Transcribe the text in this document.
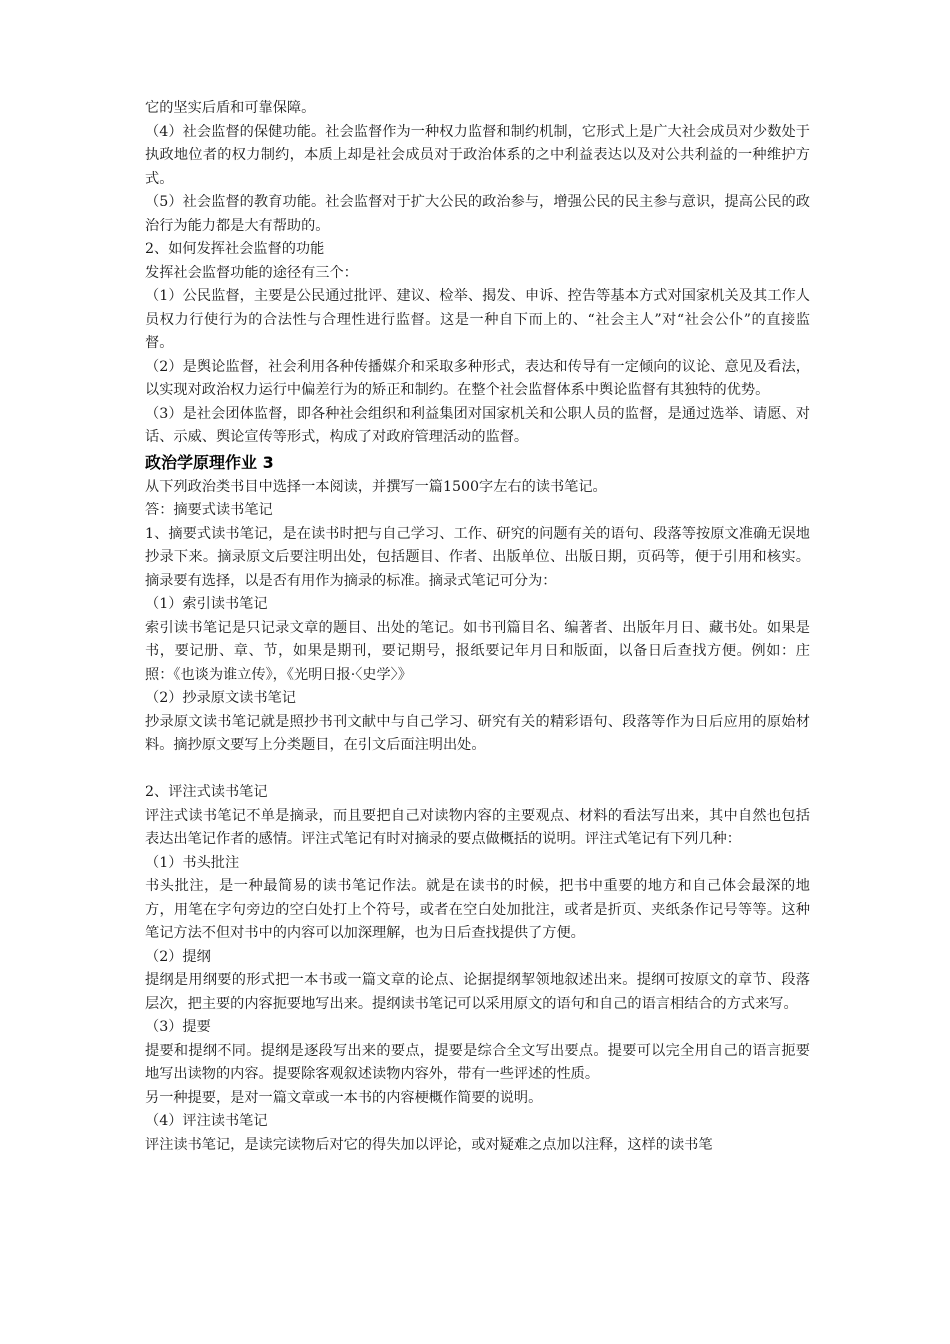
它的坚实后盾和可靠保障。

（4）社会监督的保健功能。社会监督作为一种权力监督和制约机制，它形式上是广大社会成员对少数处于执政地位者的权力制约，本质上却是社会成员对于政治体系的之中利益表达以及对公共利益的一种维护方式。

（5）社会监督的教育功能。社会监督对于扩大公民的政治参与，增强公民的民主参与意识，提高公民的政治行为能力都是大有帮助的。

2、如何发挥社会监督的功能

发挥社会监督功能的途径有三个：

（1）公民监督，主要是公民通过批评、建议、检举、揭发、申诉、控告等基本方式对国家机关及其工作人员权力行使行为的合法性与合理性进行监督。这是一种自下而上的、“社会主人”对“社会公仆”的直接监督。

（2）是舆论监督，社会利用各种传播媒介和采取多种形式，表达和传导有一定倾向的议论、意见及看法，以实现对政治权力运行中偏差行为的矫正和制约。在整个社会监督体系中舆论监督有其独特的优势。

（3）是社会团体监督，即各种社会组织和利益集团对国家机关和公职人员的监督，是通过选举、请愿、对话、示威、舆论宣传等形式，构成了对政府管理活动的监督。

政治学原理作业 3

从下列政治类书目中选择一本阅读，并撰写一篇1500字左右的读书笔记。

答：摘要式读书笔记

1、摘要式读书笔记，是在读书时把与自己学习、工作、研究的问题有关的语句、段落等按原文准确无误地抄录下来。摘录原文后要注明出处，包括题目、作者、出版单位、出版日期，页码等，便于引用和核实。摘录要有选择，以是否有用作为摘录的标准。摘录式笔记可分为：

（1）索引读书笔记

索引读书笔记是只记录文章的题目、出处的笔记。如书刊篇目名、编著者、出版年月日、藏书处。如果是书，要记册、章、节，如果是期刊，要记期号，报纸要记年月日和版面，以备日后查找方便。例如：庄照：《也谈为谁立传》，《光明日报·〈史学〉》

（2）抄录原文读书笔记

抄录原文读书笔记就是照抄书刊文献中与自己学习、研究有关的精彩语句、段落等作为日后应用的原始材料。摘抄原文要写上分类题目，在引文后面注明出处。

2、评注式读书笔记

评注式读书笔记不单是摘录，而且要把自己对读物内容的主要观点、材料的看法写出来，其中自然也包括表达出笔记作者的感情。评注式笔记有时对摘录的要点做概括的说明。评注式笔记有下列几种：

（1）书头批注

书头批注，是一种最简易的读书笔记作法。就是在读书的时候，把书中重要的地方和自己体会最深的地方，用笔在字句旁边的空白处打上个符号，或者在空白处加批注，或者是折页、夹纸条作记号等等。这种笔记方法不但对书中的内容可以加深理解，也为日后查找提供了方便。

（2）提纲

提纲是用纲要的形式把一本书或一篇文章的论点、论据提纲挈领地叙述出来。提纲可按原文的章节、段落层次，把主要的内容扼要地写出来。提纲读书笔记可以采用原文的语句和自己的语言相结合的方式来写。

（3）提要

提要和提纲不同。提纲是逐段写出来的要点，提要是综合全文写出要点。提要可以完全用自己的语言扼要地写出读物的内容。提要除客观叙述读物内容外，带有一些评述的性质。

另一种提要，是对一篇文章或一本书的内容梗概作简要的说明。

（4）评注读书笔记

评注读书笔记，是读完读物后对它的得失加以评论，或对疑难之点加以注释，这样的读书笔
